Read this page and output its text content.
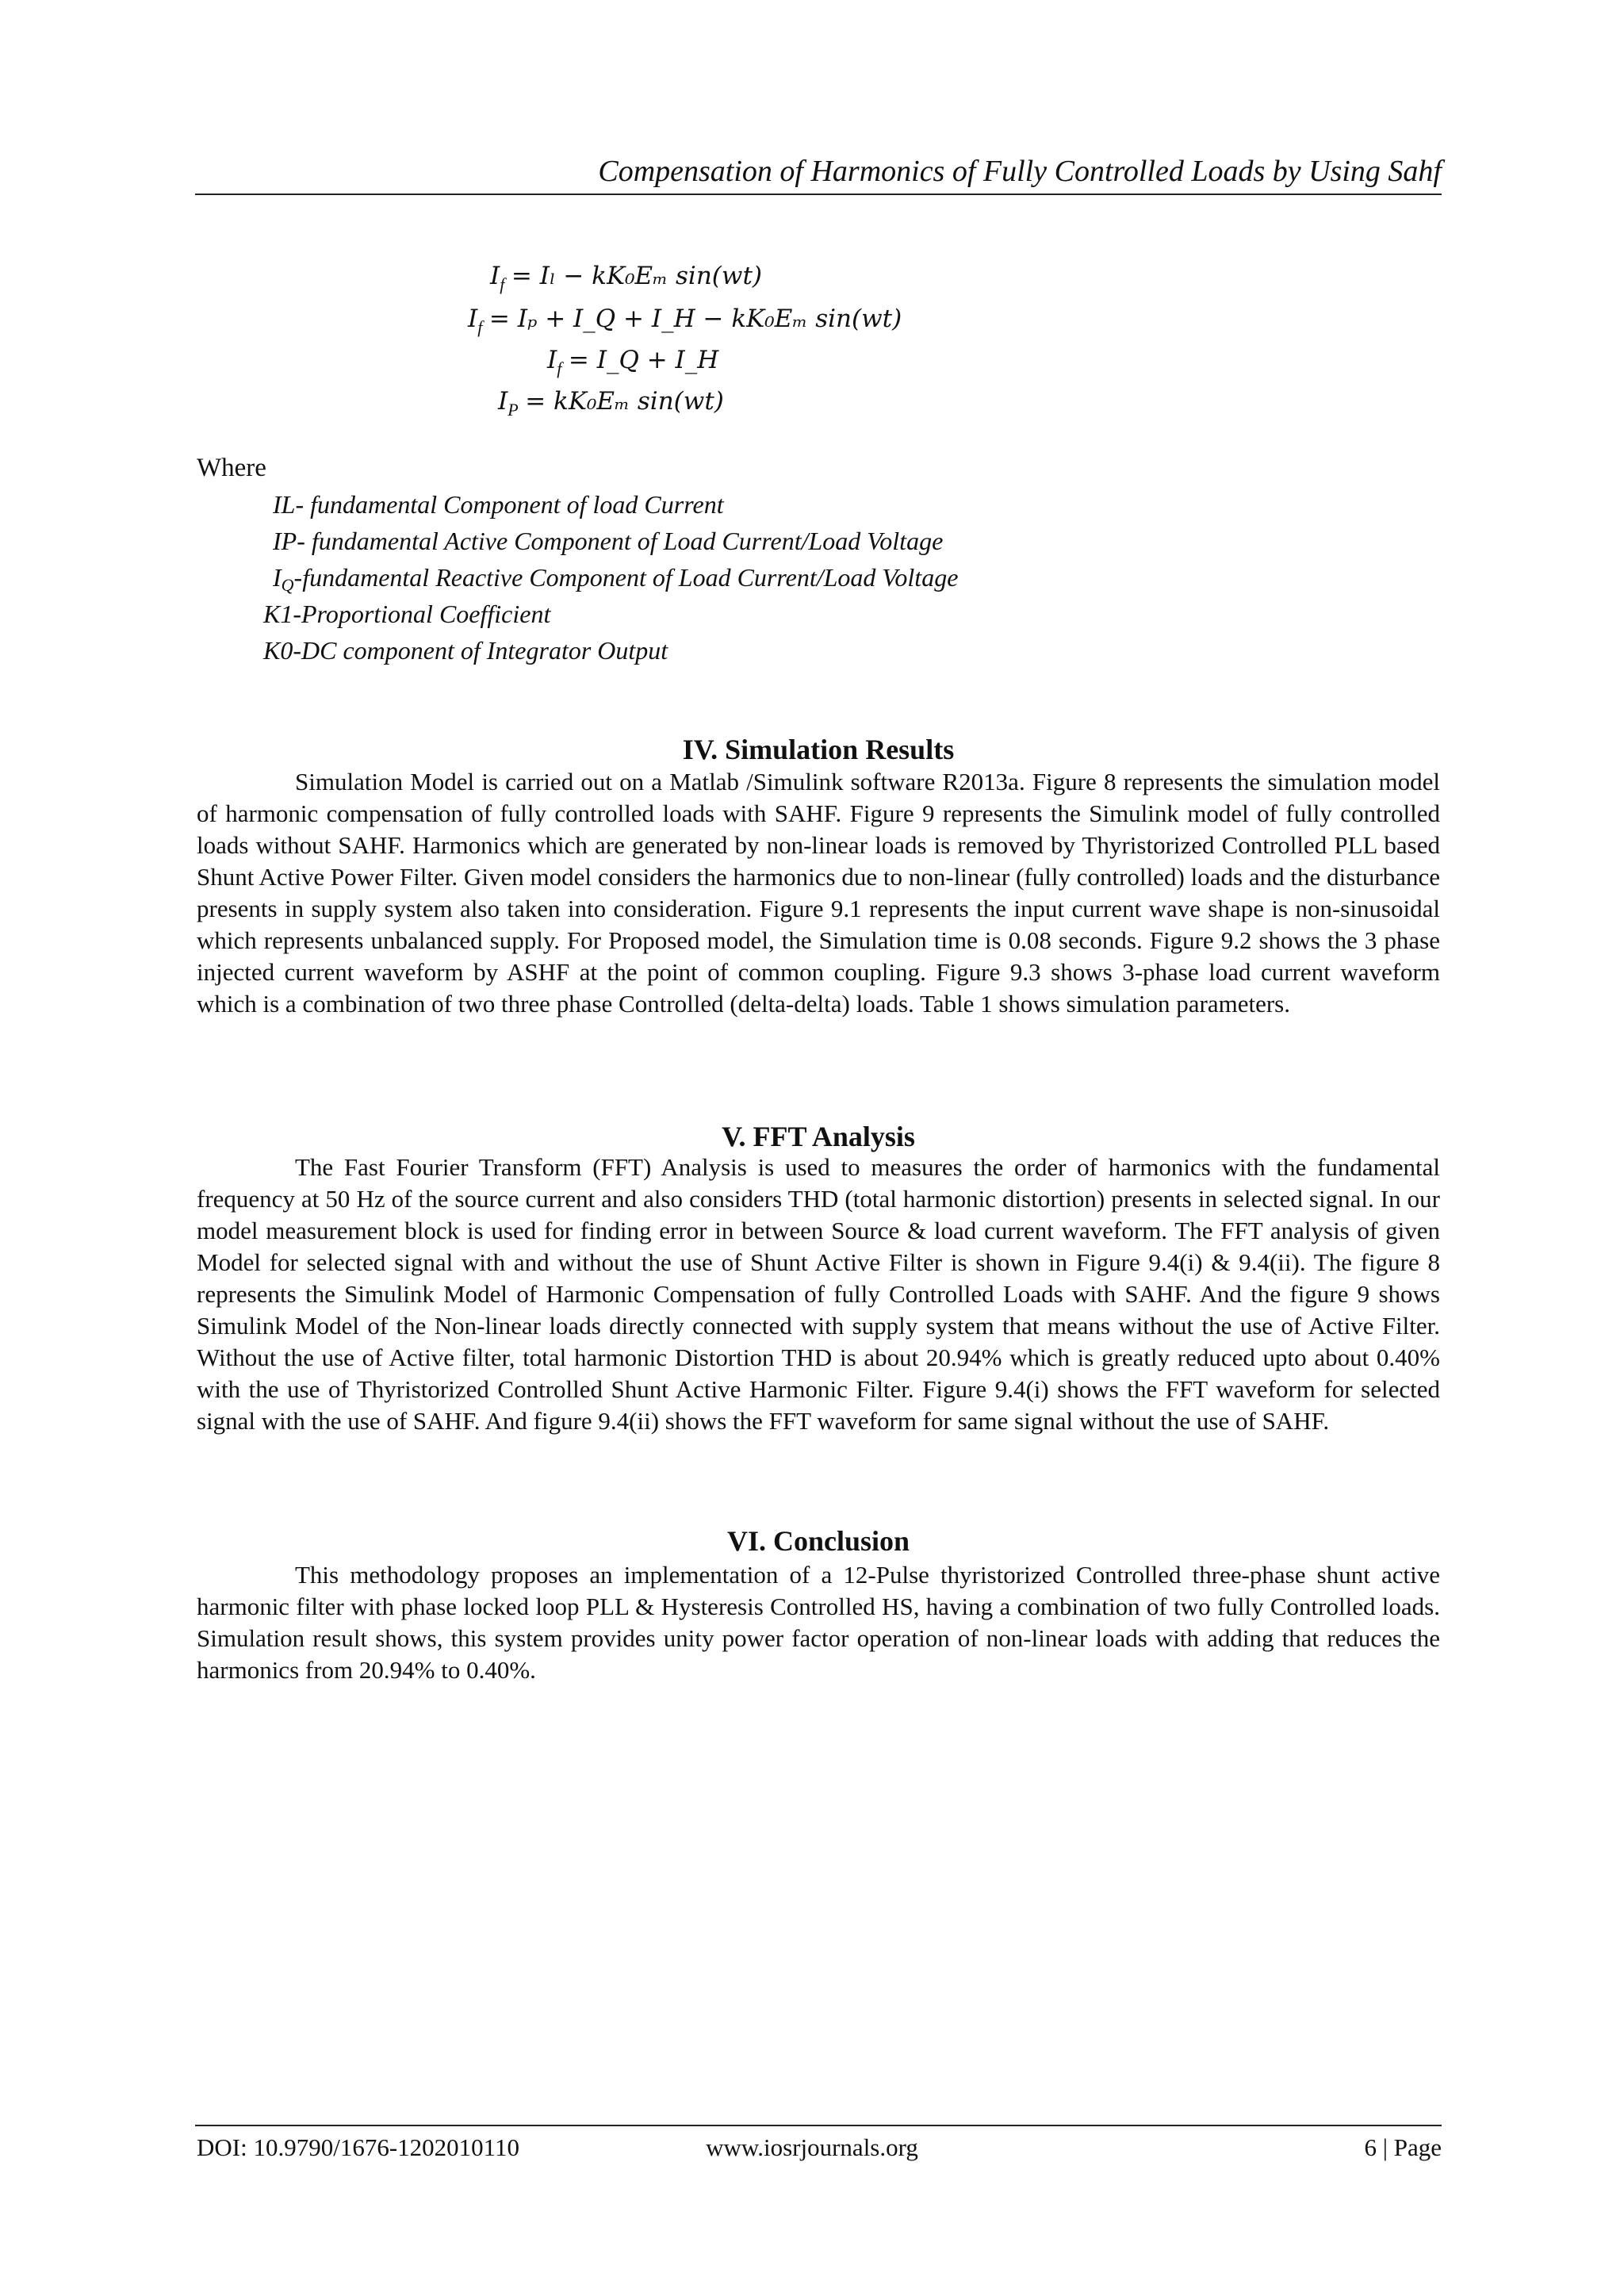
Compensation of Harmonics of Fully Controlled Loads by Using Sahf
$I_f = I_l - kK_0E_m$ sin⁡(wt)
$I_f = I_p$ + I_Q + I_H − kK₀Eₘ sin(wt)
$I_f$ = I_Q + I_H
$I_P = kK_0E_m$ sin⁡(wt)
Where
IL- fundamental Component of load Current
IP- fundamental Active Component of Load Current/Load Voltage
$I_Q$-fundamental Reactive Component of Load Current/Load Voltage
K1-Proportional Coefficient
K0-DC component of Integrator Output
IV. Simulation Results

Simulation Model is carried out on a Matlab /Simulink software R2013a. Figure 8 represents the simulation model of harmonic compensation of fully controlled loads with SAHF. Figure 9 represents the Simulink model of fully controlled loads without SAHF. Harmonics which are generated by non-linear loads is removed by Thyristorized Controlled PLL based Shunt Active Power Filter. Given model considers the harmonics due to non-linear (fully controlled) loads and the disturbance presents in supply system also taken into consideration. Figure 9.1 represents the input current wave shape is non-sinusoidal which represents unbalanced supply. For Proposed model, the Simulation time is 0.08 seconds. Figure 9.2 shows the 3 phase injected current waveform by ASHF at the point of common coupling. Figure 9.3 shows 3-phase load current waveform which is a combination of two three phase Controlled (delta-delta) loads. Table 1 shows simulation parameters.

V. FFT Analysis

The Fast Fourier Transform (FFT) Analysis is used to measures the order of harmonics with the fundamental frequency at 50 Hz of the source current and also considers THD (total harmonic distortion) presents in selected signal. In our model measurement block is used for finding error in between Source & load current waveform. The FFT analysis of given Model for selected signal with and without the use of Shunt Active Filter is shown in Figure 9.4(i) & 9.4(ii). The figure 8 represents the Simulink Model of Harmonic Compensation of fully Controlled Loads with SAHF. And the figure 9 shows Simulink Model of the Non-linear loads directly connected with supply system that means without the use of Active Filter. Without the use of Active filter, total harmonic Distortion THD is about 20.94% which is greatly reduced upto about 0.40% with the use of Thyristorized Controlled Shunt Active Harmonic Filter. Figure 9.4(i) shows the FFT waveform for selected signal with the use of SAHF. And figure 9.4(ii) shows the FFT waveform for same signal without the use of SAHF.

VI. Conclusion

This methodology proposes an implementation of a 12-Pulse thyristorized Controlled three-phase shunt active harmonic filter with phase locked loop PLL & Hysteresis Controlled HS, having a combination of two fully Controlled loads. Simulation result shows, this system provides unity power factor operation of non-linear loads with adding that reduces the harmonics from 20.94% to 0.40%.

DOI: 10.9790/1676-1202010110	www.iosrjournals.org	6 | Page
